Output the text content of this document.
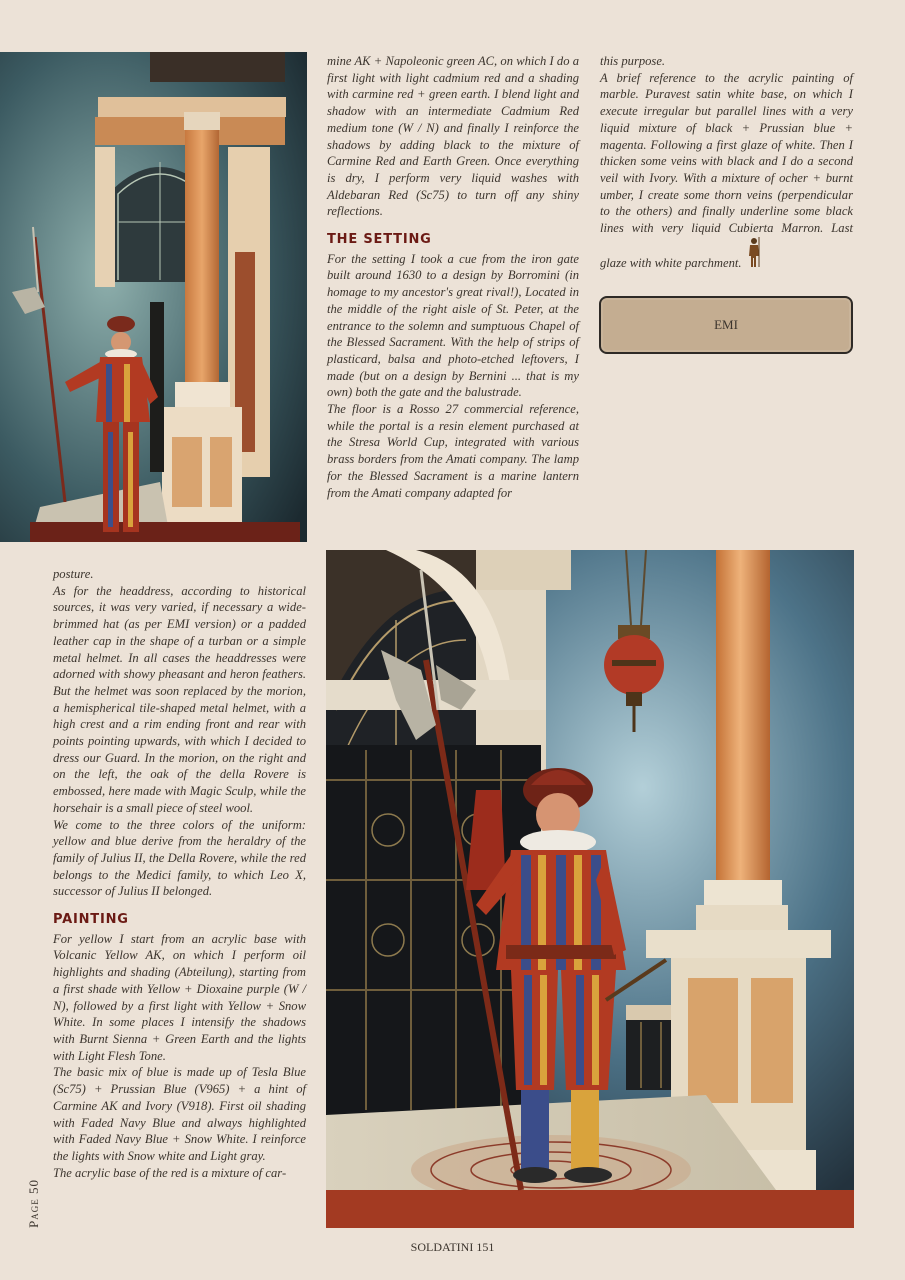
mine AK + Napoleonic green AC, on which I do a first light with light cadmium red and a shading with carmine red + green earth. I blend light and shadow with an intermediate Cadmium Red medium tone (W / N) and finally I reinforce the shadows by adding black to the mixture of Carmine Red and Earth Green. Once everything is dry, I perform very liquid washes with Aldebaran Red (Sc75) to turn off any shiny reflections.

THE SETTING

For the setting I took a cue from the iron gate built around 1630 to a design by Borromini (in homage to my ancestor's great rival!), Located in the middle of the right aisle of St. Peter, at the entrance to the solemn and sumptuous Chapel of the Blessed Sacrament. With the help of strips of plasticard, balsa and photo-etched leftovers, I made (but on a design by Bernini ... that is my own) both the gate and the balustrade.

The floor is a Rosso 27 commercial reference, while the portal is a resin element purchased at the Stresa World Cup, integrated with various brass borders from the Amati company. The lamp for the Blessed Sacrament is a marine lantern from the Amati company adapted for

this purpose.

A brief reference to the acrylic painting of marble. Puravest satin white base, on which I execute irregular but parallel lines with a very liquid mixture of black + Prussian blue + magenta. Following a first glaze of white. Then I thicken some veins with black and I do a second veil with Ivory. With a mixture of ocher + burnt umber, I create some thorn veins (perpendicular to the others) and finally underline some black lines with very liquid Cubierta Marron. Last glaze with white parchment.

EMI

posture.

As for the headdress, according to historical sources, it was very varied, if necessary a wide-brimmed hat (as per EMI version) or a padded leather cap in the shape of a turban or a simple metal helmet. In all cases the headdresses were adorned with showy pheasant and heron feathers. But the helmet was soon replaced by the morion, a hemispherical tile-shaped metal helmet, with a high crest and a rim ending front and rear with points pointing upwards, with which I decided to dress our Guard. In the morion, on the right and on the left, the oak of the della Rovere is embossed, here made with Magic Sculp, while the horsehair is a small piece of steel wool.

We come to the three colors of the uniform: yellow and blue derive from the heraldry of the family of Julius II, the Della Rovere, while the red belongs to the Medici family, to which Leo X, successor of Julius II belonged.

PAINTING

For yellow I start from an acrylic base with Volcanic Yellow AK, on which I perform oil highlights and shading (Abteilung), starting from a first shade with Yellow + Dioxaine purple (W / N), followed by a first light with Yellow + Snow White. In some places I intensify the shadows with Burnt Sienna + Green Earth and the lights with Light Flesh Tone.

The basic mix of blue is made up of Tesla Blue (Sc75) + Prussian Blue (V965) + a hint of Carmine AK and Ivory (V918). First oil shading with Faded Navy Blue and always highlighted with Faded Navy Blue + Snow White. I reinforce the lights with Snow white and Light gray.

The acrylic base of the red is a mixture of car-

Page 50
SOLDATINI 151
